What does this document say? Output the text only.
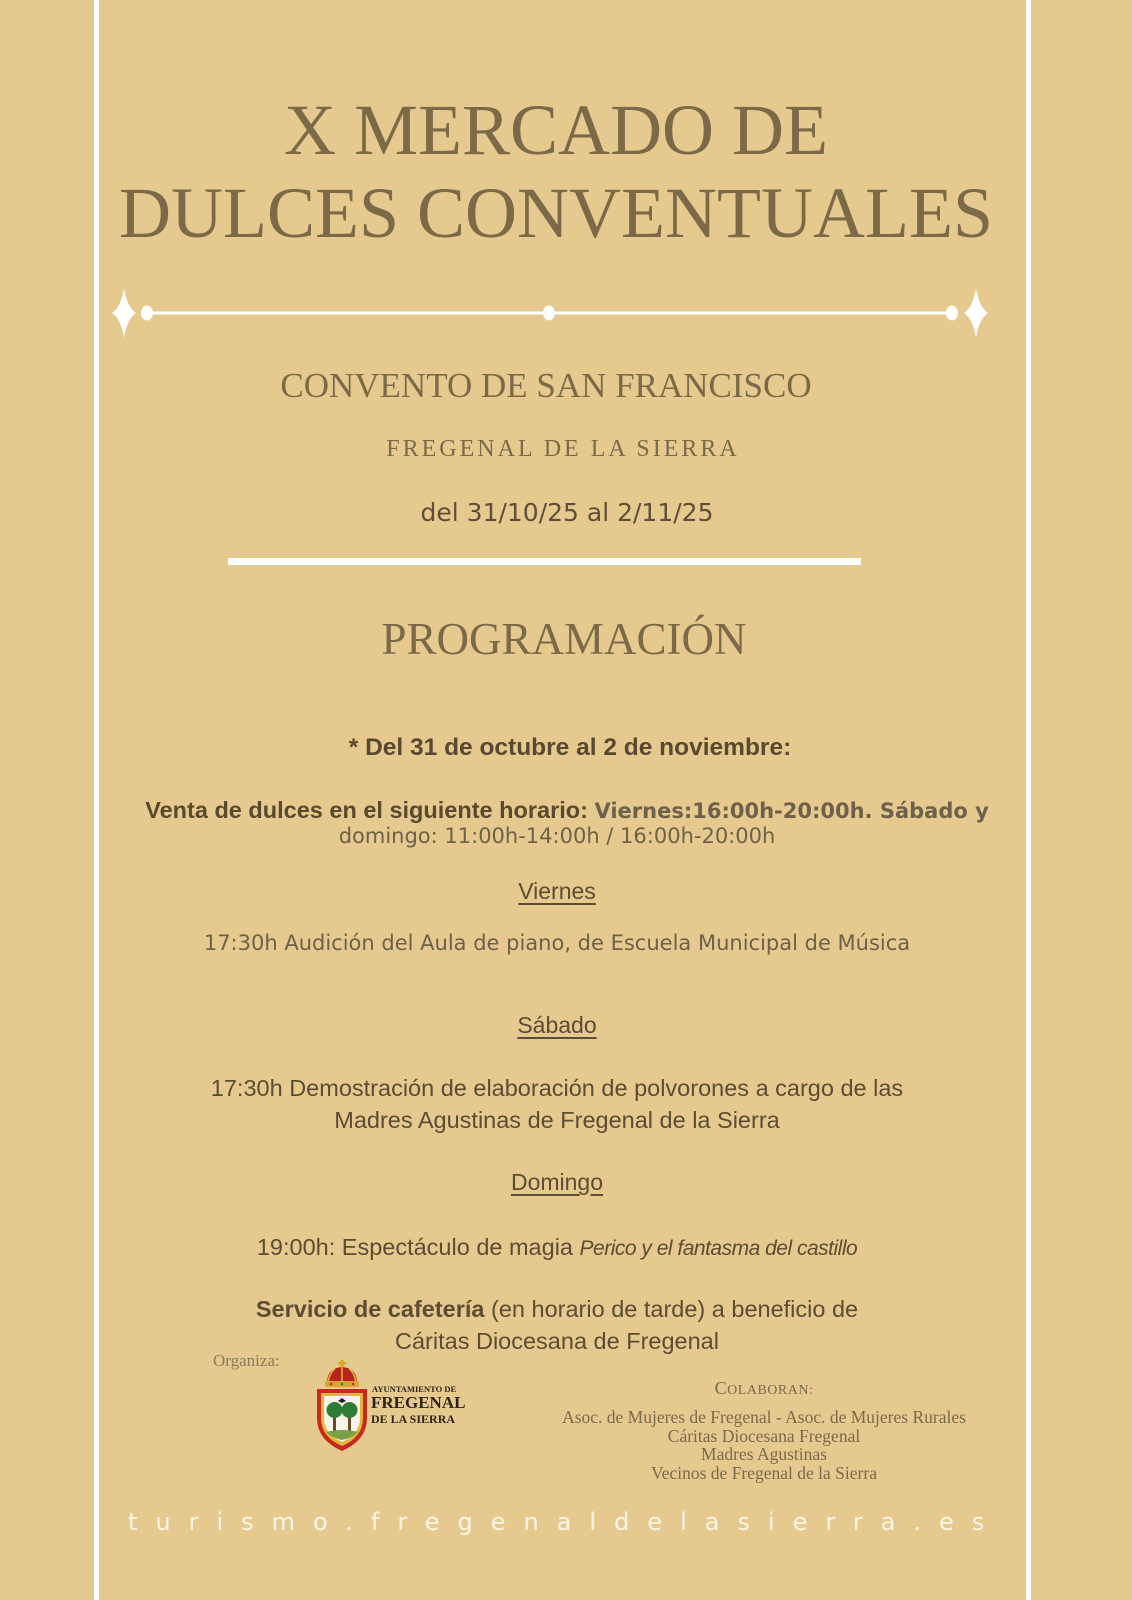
X MERCADO DE
DULCES CONVENTUALES
CONVENTO DE SAN FRANCISCO
FREGENAL DE LA SIERRA
del 31/10/25 al 2/11/25
PROGRAMACIÓN
* Del 31 de octubre al 2 de noviembre:
Venta de dulces en el siguiente horario: Viernes:16:00h-20:00h. Sábado y
domingo: 11:00h-14:00h / 16:00h-20:00h
Viernes
17:30h Audición del Aula de piano, de Escuela Municipal de Música
Sábado
17:30h Demostración de elaboración de polvorones a cargo de las
Madres Agustinas de Fregenal de la Sierra
Domingo
19:00h: Espectáculo de magia Perico y el fantasma del castillo
Servicio de cafetería (en horario de tarde) a beneficio de
Cáritas Diocesana de Fregenal
Organiza:
AYUNTAMIENTO DE
FREGENAL
DE LA SIERRA
COLABORAN:
Asoc. de Mujeres de Fregenal - Asoc. de Mujeres Rurales
Cáritas Diocesana Fregenal
Madres Agustinas
Vecinos de Fregenal de la Sierra
turismo.fregenaldelasierra.es
